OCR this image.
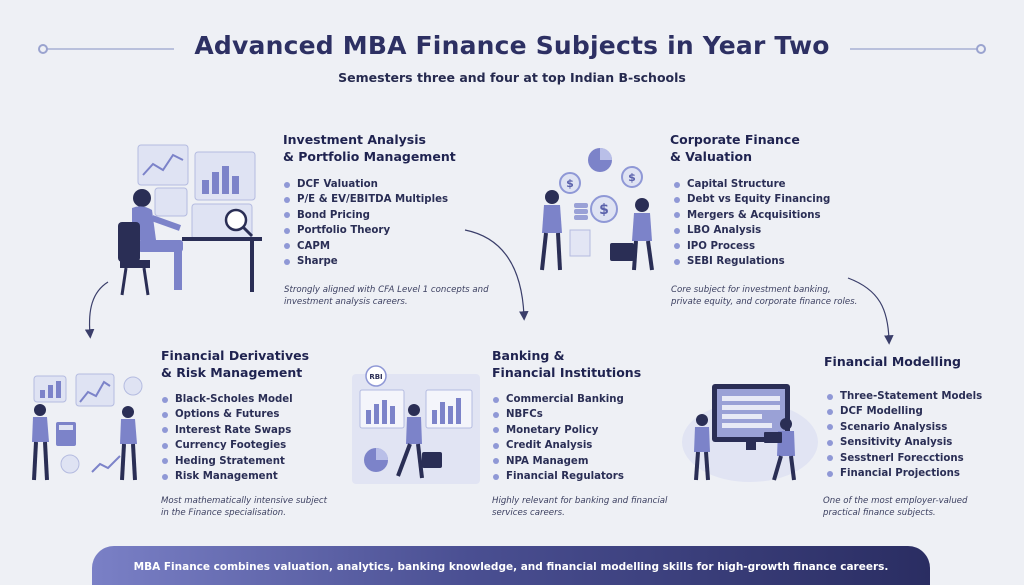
Advanced MBA Finance Subjects in Year Two
Semesters three and four at top Indian B-schools
Investment Analysis
& Portfolio Management
DCF Valuation
P/E & EV/EBITDA Multiples
Bond Pricing
Portfolio Theory
CAPM
Sharpe
Strongly aligned with CFA Level 1 concepts and
investment analysis careers.
$	$
$
Corporate Finance
& Valuation
Capital Structure
Debt vs Equity Financing
Mergers & Acquisitions
LBO Analysis
IPO Process
SEBI Regulations
Core subject for investment banking,
private equity, and corporate finance roles.
Financial Derivatives
& Risk Management
Black-Scholes Model
Options & Futures
Interest Rate Swaps
Currency Footegies
Heding Stratement
Risk Management
Most mathematically intensive subject
in the Finance specialisation.
RBI
Banking &
Financial Institutions
Commercial Banking
NBFCs
Monetary Policy
Credit Analysis
NPA Managem
Financial Regulators
Highly relevant for banking and financial
services careers.
Financial Modelling
Three-Statement Models
DCF Modelling
Scenario Analysiss
Sensitivity Analysis
Sesstnerl Forecctions
Financial Projections
One of the most employer-valued
practical finance subjects.
MBA Finance combines valuation, analytics, banking knowledge, and financial modelling skills for high-growth finance careers.
